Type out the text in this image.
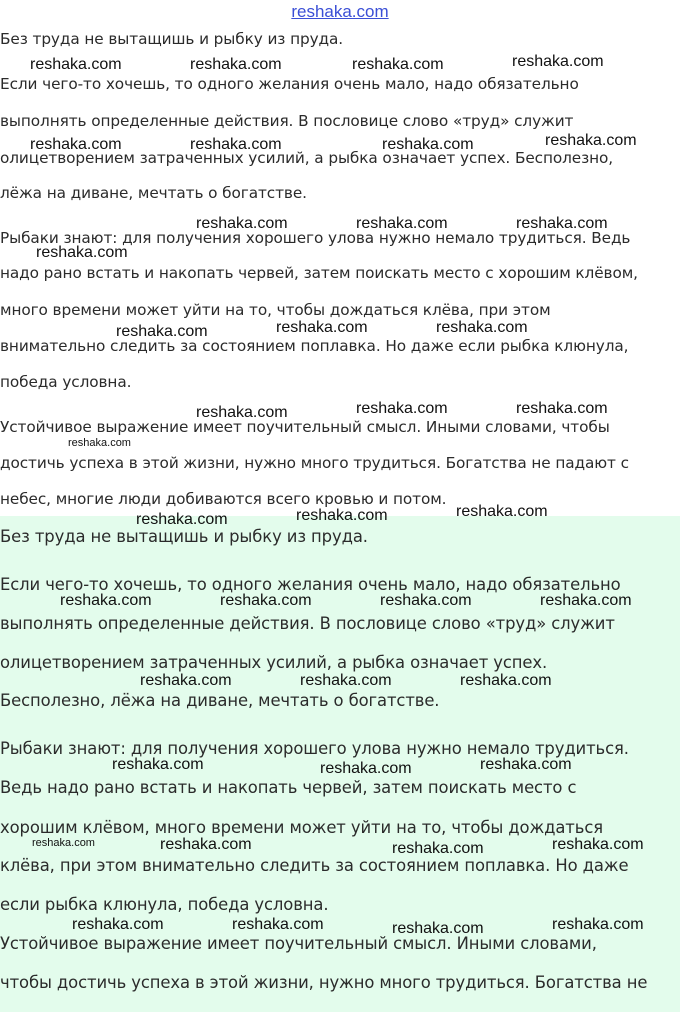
reshaka.com
Без труда не вытащишь и рыбку из пруда.
Если чего-то хочешь, то одного желания очень мало, надо обязательно
выполнять определенные действия. В пословице слово «труд» служит
олицетворением затраченных усилий, а рыбка означает успех. Бесполезно,
лёжа на диване, мечтать о богатстве.
Рыбаки знают: для получения хорошего улова нужно немало трудиться. Ведь
надо рано встать и накопать червей, затем поискать место с хорошим клёвом,
много времени может уйти на то, чтобы дождаться клёва, при этом
внимательно следить за состоянием поплавка. Но даже если рыбка клюнула,
победа условна.
Устойчивое выражение имеет поучительный смысл. Иными словами, чтобы
достичь успеха в этой жизни, нужно много трудиться. Богатства не падают с
небес, многие люди добиваются всего кровью и потом.
Без труда не вытащишь и рыбку из пруда.
Если чего-то хочешь, то одного желания очень мало, надо обязательно
выполнять определенные действия. В пословице слово «труд» служит
олицетворением затраченных усилий, а рыбка означает успех.
Бесполезно, лёжа на диване, мечтать о богатстве.
Рыбаки знают: для получения хорошего улова нужно немало трудиться.
Ведь надо рано встать и накопать червей, затем поискать место с
хорошим клёвом, много времени может уйти на то, чтобы дождаться
клёва, при этом внимательно следить за состоянием поплавка. Но даже
если рыбка клюнула, победа условна.
Устойчивое выражение имеет поучительный смысл. Иными словами,
чтобы достичь успеха в этой жизни, нужно много трудиться. Богатства не
reshaka.com	reshaka.com	reshaka.com	reshaka.com
reshaka.com	reshaka.com	reshaka.com	reshaka.com
reshaka.com	reshaka.com	reshaka.com
reshaka.com
reshaka.com	reshaka.com	reshaka.com
reshaka.com	reshaka.com	reshaka.com
reshaka.com
reshaka.com	reshaka.com	reshaka.com
reshaka.com	reshaka.com	reshaka.com	reshaka.com
reshaka.com	reshaka.com	reshaka.com
reshaka.com	reshaka.com	reshaka.com
reshaka.com	reshaka.com	reshaka.com	reshaka.com
reshaka.com	reshaka.com	reshaka.com	reshaka.com
